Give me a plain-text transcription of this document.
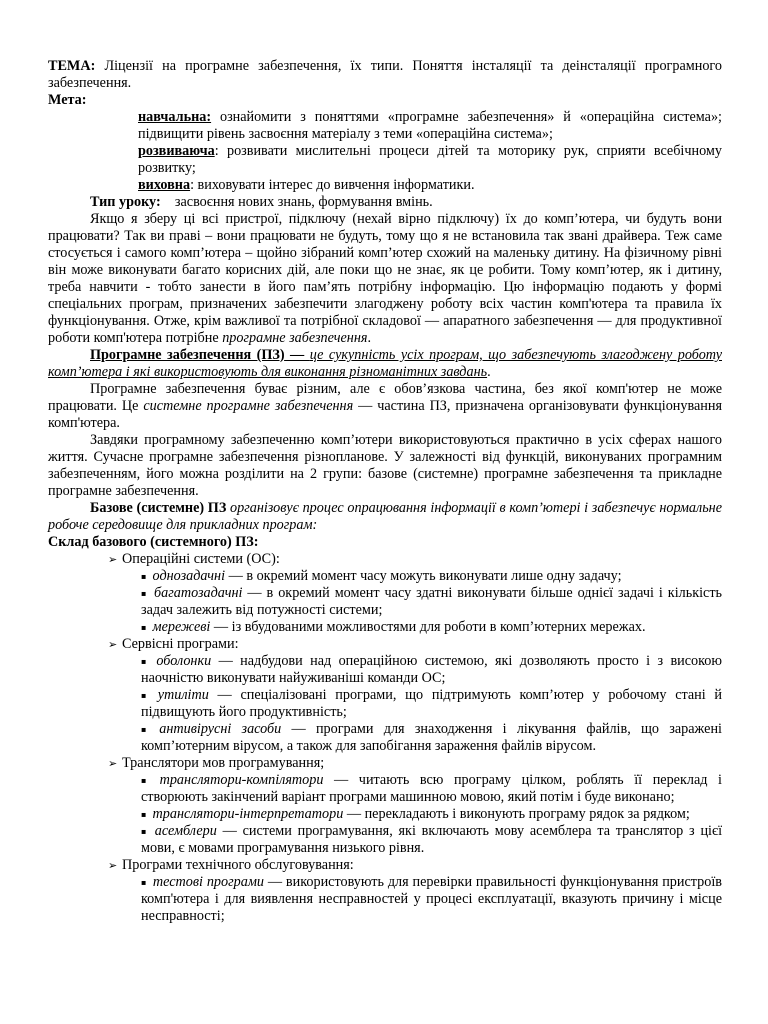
ТЕМА: Ліцензії на програмне забезпечення, їх типи. Поняття інсталяції та деінсталяції програмного забезпечення.

Мета:

навчальна: ознайомити з поняттями «програмне забезпечення» й «операційна система»; підвищити рівень засвоєння матеріалу з теми «операційна система»;

розвиваюча: розвивати мислительні процеси дітей та моторику рук, сприяти всебічному розвитку;

виховна: виховувати інтерес до вивчення інформатики.

Тип уроку:    засвоєння нових знань, формування вмінь.

Якщо я зберу ці всі пристрої, підключу (нехай вірно підключу) їх до комп’ютера, чи будуть вони працювати? Так ви праві – вони працювати не будуть, тому що я не встановила так звані драйвера. Теж саме стосується і самого комп’ютера – щойно зібраний комп’ютер схожий на маленьку дитину. На фізичному рівні він може виконувати багато корисних дій, але поки що не знає, як це робити. Тому комп’ютер, як і дитину, треба навчити - тобто занести в його пам’ять потрібну інформацію. Цю інформацію подають у формі спеціальних програм, призначених забезпечити злагоджену роботу всіх частин комп'ютера та правила їх функціонування. Отже, крім важливої та потрібної складової — апаратного забезпечення — для продуктивної роботи комп'ютера потрібне програмне забезпечення.

Програмне забезпечення (ПЗ) — це сукупність усіх програм, що забезпечують злагоджену роботу комп’ютера і які використовують для виконання різноманітних завдань.

Програмне забезпечення буває різним, але є обов’язкова частина, без якої комп'ютер не може працювати. Це системне програмне забезпечення — частина ПЗ, призначена організовувати функціонування комп'ютера.

Завдяки програмному забезпеченню комп’ютери використовуються практично в усіх сферах нашого життя. Сучасне програмне забезпечення різнопланове. У залежності від функцій, виконуваних програмним забезпеченням, його можна розділити на 2 групи: базове (системне) програмне забезпечення та прикладне програмне забезпечення.

Базове (системне) ПЗ організовує процес опрацювання інформації в комп’ютері і забезпечує нормальне робоче середовище для прикладних програм:

Склад базового (системного) ПЗ:

➢ Операційні системи (ОС):

▪ однозадачні — в окремий момент часу можуть виконувати лише одну задачу;

▪ багатозадачні — в окремий момент часу здатні виконувати більше однієї задачі і кількість задач залежить від потужності системи;

▪ мережеві — із вбудованими можливостями для роботи в комп’ютерних мережах.

➢ Сервісні програми:

▪ оболонки — надбудови над операційною системою, які дозволяють просто і з високою наочністю виконувати найуживаніші команди ОС;

▪ утиліти — спеціалізовані програми, що підтримують комп’ютер у робочому стані й підвищують його продуктивність;

▪ антивірусні засоби — програми для знаходження і лікування файлів, що заражені комп’ютерним вірусом, а також для запобігання зараження файлів вірусом.

➢ Транслятори мов програмування;

▪ транслятори-компілятори — читають всю програму цілком, роблять її переклад і створюють закінчений варіант програми машинною мовою, який потім і буде виконано;

▪ транслятори-інтерпретатори — перекладають і виконують програму рядок за рядком;

▪ асемблери — системи програмування, які включають мову асемблера та транслятор з цієї мови, є мовами програмування низького рівня.

➢ Програми технічного обслуговування:

▪ тестові програми — використовують для перевірки правильності функціонування пристроїв комп'ютера і для виявлення несправностей у процесі експлуатації, вказують причину і місце несправності;
